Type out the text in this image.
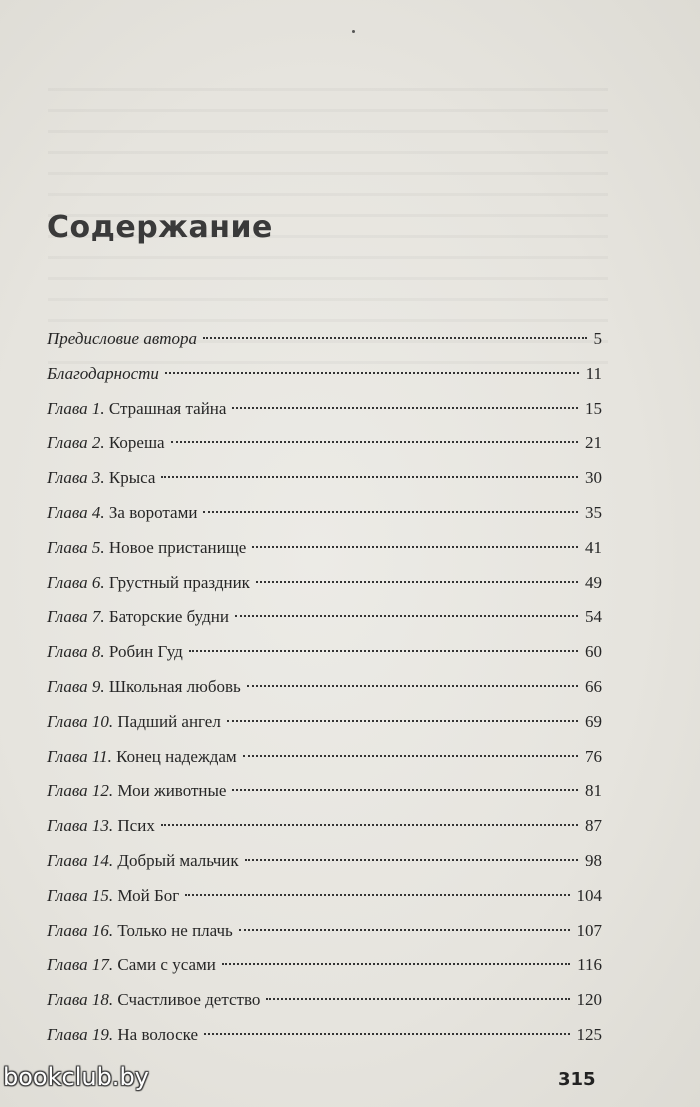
Содержание
Предисловие автора	5
Благодарности	11
Глава 1. Страшная тайна	15
Глава 2. Кореша	21
Глава 3. Крыса	30
Глава 4. За воротами	35
Глава 5. Новое пристанище	41
Глава 6. Грустный праздник	49
Глава 7. Баторские будни	54
Глава 8. Робин Гуд	60
Глава 9. Школьная любовь	66
Глава 10. Падший ангел	69
Глава 11. Конец надеждам	76
Глава 12. Мои животные	81
Глава 13. Псих	87
Глава 14. Добрый мальчик	98
Глава 15. Мой Бог	104
Глава 16. Только не плачь	107
Глава 17. Сами с усами	116
Глава 18. Счастливое детство	120
Глава 19. На волоске	125
315
bookclub.by
